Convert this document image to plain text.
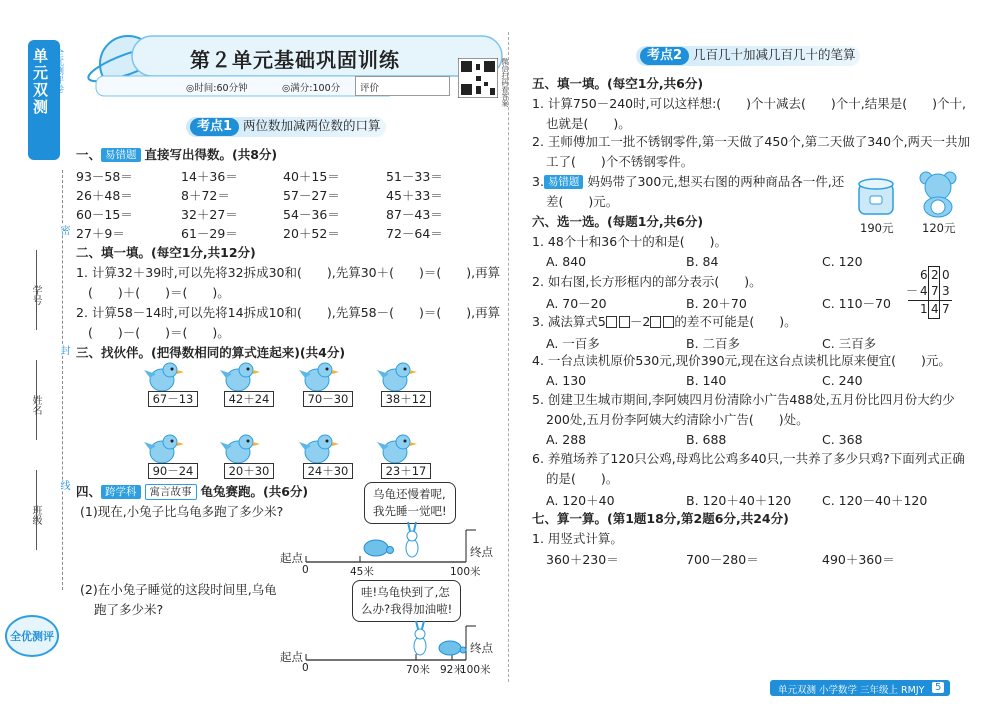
单元双测 全优测评卷
班级
姓名
学号
密
封
线
全优测评
第２单元基础巩固训练
◎时间:60分钟	◎满分:100分 评价	微信扫码看答案
考点1 两位数加减两位数的口算
一、 易错题 直接写出得数。(共8分)
93－58＝	14＋36＝	40＋15＝	51－33＝
26＋48＝	8＋72＝	57－27＝	45＋33＝
60－15＝	32＋27＝	54－36＝	87－43＝
27＋9＝	61－29＝	20＋52＝	72－64＝
二、填一填。(每空1分,共12分)
1. 计算32＋39时,可以先将32拆成30和(　　),先算30＋(　　)＝(　　),再算
(　　)＋(　　)＝(　　)。
2. 计算58－14时,可以先将14拆成10和(　　),先算58－(　　)＝(　　),再算
(　　)－(　　)＝(　　)。
三、找伙伴。(把得数相同的算式连起来)(共4分)
67－13	42＋24	70－30	38＋12
90－24	20＋30	24＋30	23＋17
四、 跨学科 寓言故事 龟兔赛跑。(共6分)
(1)现在,小兔子比乌龟多跑了多少米?
乌龟还慢着呢,
我先睡一觉吧!
起点	终点
0	45米	100米
(2)在小兔子睡觉的这段时间里,乌龟
跑了多少米?
哇!乌龟快到了,怎
么办?我得加油啦!
起点
终点
0	70米 92米
100米
考点2 几百几十加减几百几十的笔算
五、填一填。(每空1分,共6分)
1. 计算750－240时,可以这样想:(　　)个十减去(　　)个十,结果是(　　)个十,
也就是(　　)。
2. 王师傅加工一批不锈钢零件,第一天做了450个,第二天做了340个,两天一共加
工了(　　)个不锈钢零件。
3. 易错题 妈妈带了300元,想买右图的两种商品各一件,还
差(　　)元。
190元 120元
六、选一选。(每题1分,共6分)
1. 48个十和36个十的和是(　　)。
A. 840	B. 84	C. 120
2. 如右图,长方形框内的部分表示(　　)。
A. 70－20	B. 20＋70	C. 110－70
6 2 0
－ 4 7 3
1 4 7
3. 减法算式5 －2 的差不可能是(　　)。
A. 一百多	B. 二百多	C. 三百多
4. 一台点读机原价530元,现价390元,现在这台点读机比原来便宜(　　)元。
A. 130	B. 140	C. 240
5. 创建卫生城市期间,李阿姨四月份清除小广告488处,五月份比四月份大约少
200处,五月份李阿姨大约清除小广告(　　)处。
A. 288	B. 688	C. 368
6. 养殖场养了120只公鸡,母鸡比公鸡多40只,一共养了多少只鸡?下面列式正确
的是(　　)。
A. 120＋40	B. 120＋40＋120 C. 120－40＋120
七、算一算。(第1题18分,第2题6分,共24分)
1. 用竖式计算。
360＋230＝	700－280＝	490＋360＝
单元双测 小学数学 三年级上 RMJY	5
